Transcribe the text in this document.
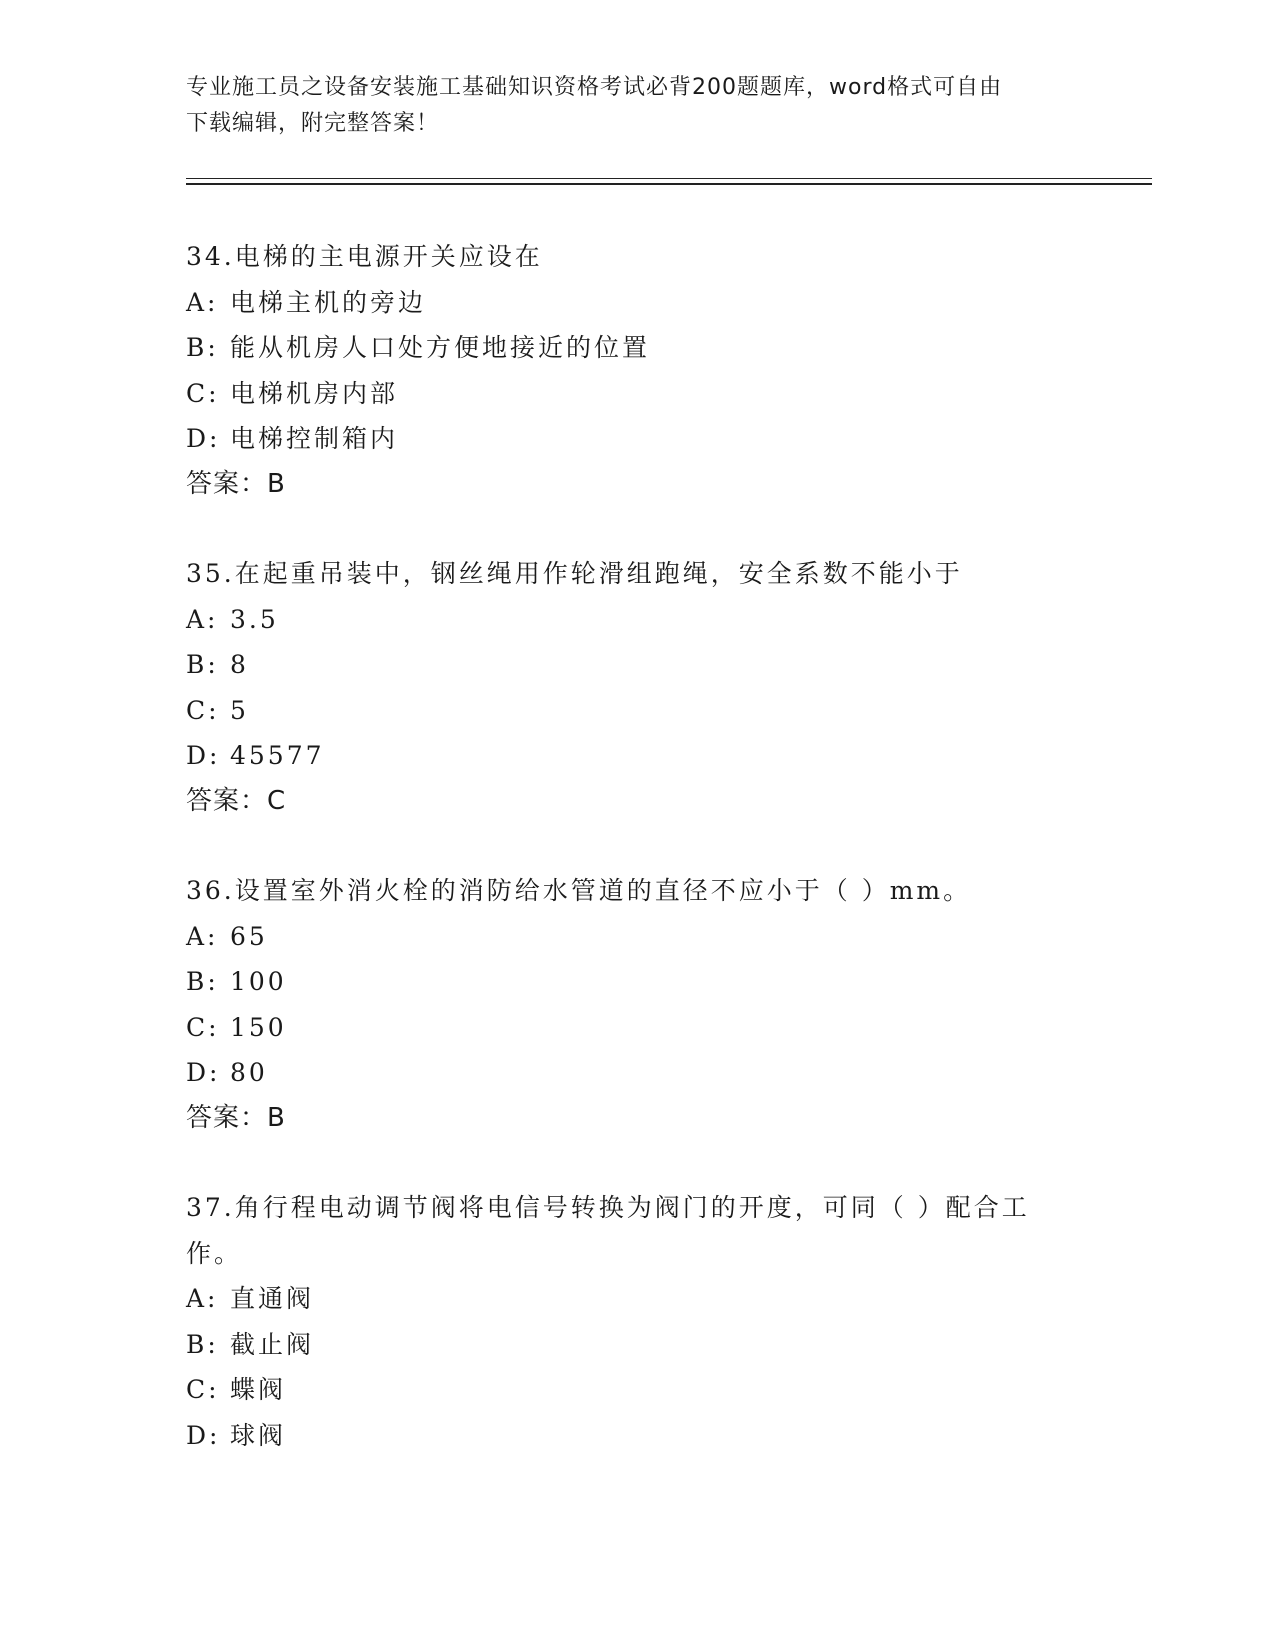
专业施工员之设备安装施工基础知识资格考试必背200题题库，word格式可自由
下载编辑，附完整答案！
34.电梯的主电源开关应设在
A: 电梯主机的旁边
B: 能从机房人口处方便地接近的位置
C: 电梯机房内部
D: 电梯控制箱内
答案：B
35.在起重吊装中，钢丝绳用作轮滑组跑绳，安全系数不能小于
A: 3.5
B: 8
C: 5
D: 45577
答案：C
36.设置室外消火栓的消防给水管道的直径不应小于（ ）mm。
A: 65
B: 100
C: 150
D: 80
答案：B
37.角行程电动调节阀将电信号转换为阀门的开度，可同（ ）配合工作。
A: 直通阀
B: 截止阀
C: 蝶阀
D: 球阀
